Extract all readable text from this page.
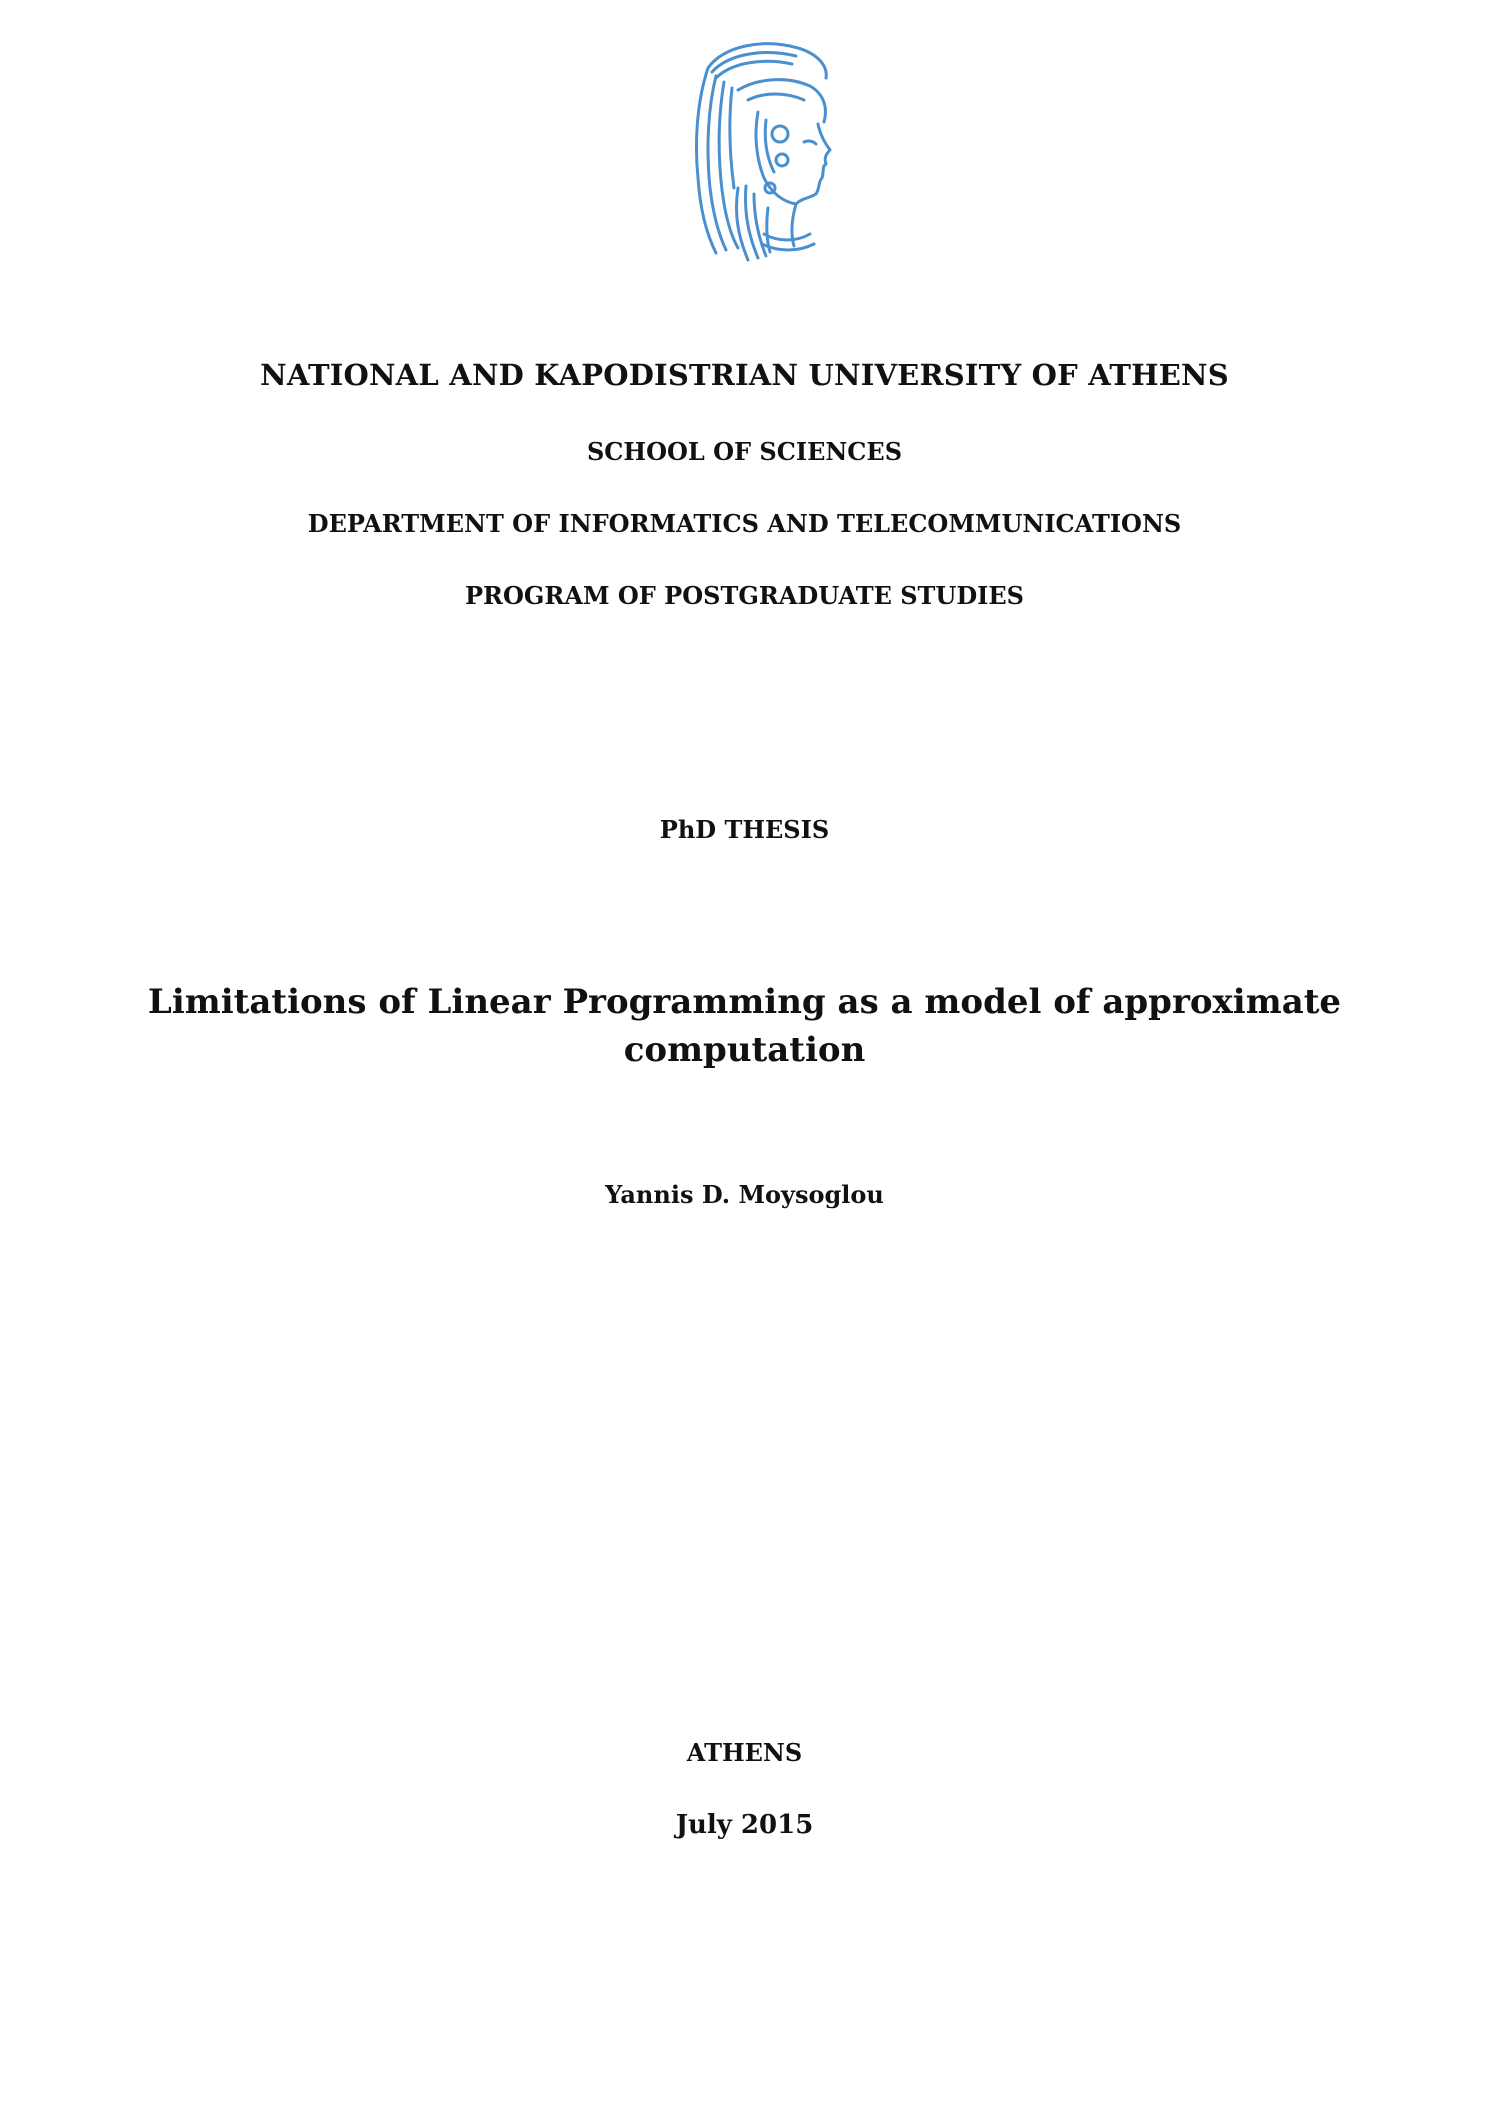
NATIONAL AND KAPODISTRIAN UNIVERSITY OF ATHENS
SCHOOL OF SCIENCES
DEPARTMENT OF INFORMATICS AND TELECOMMUNICATIONS
PROGRAM OF POSTGRADUATE STUDIES
PhD THESIS
Limitations of Linear Programming as a model of approximate computation
Yannis D. Moysoglou
ATHENS
July 2015
